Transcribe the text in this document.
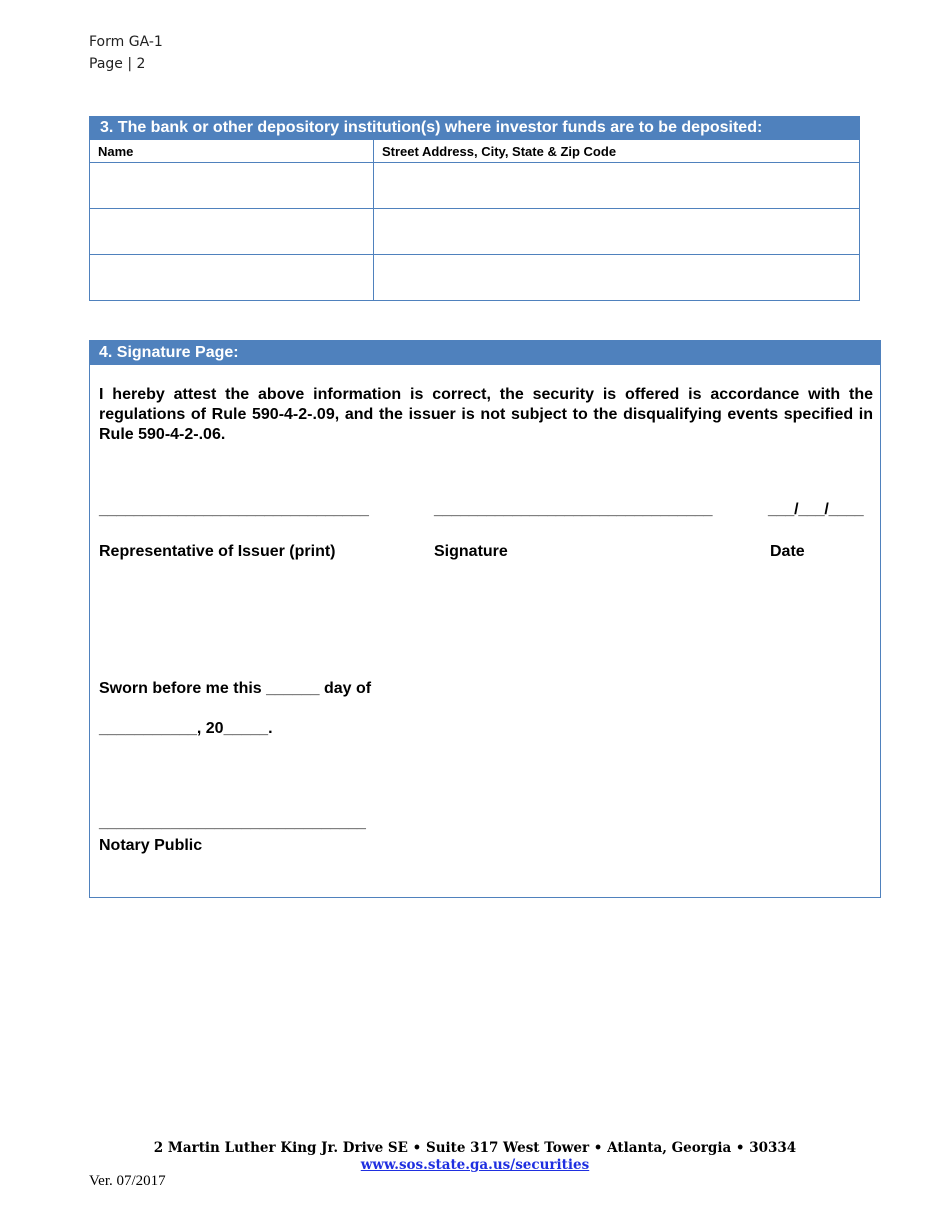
Form GA-1
Page | 2
3. The bank or other depository institution(s) where investor funds are to be deposited:
Name	Street Address, City, State & Zip Code

4. Signature Page:
I hereby attest the above information is correct, the security is offered is accordance with the regulations of Rule 590-4-2-.09, and the issuer is not subject to the disqualifying events specified in Rule 590-4-2-.06.
_______________________________	________________________________	___/___/____
Representative of Issuer (print)	Signature	Date
Sworn before me this ______ day of
___________, 20_____.
______________________________
Notary Public
2 Martin Luther King Jr. Drive SE • Suite 317 West Tower • Atlanta, Georgia • 30334
www.sos.state.ga.us/securities
Ver. 07/2017
